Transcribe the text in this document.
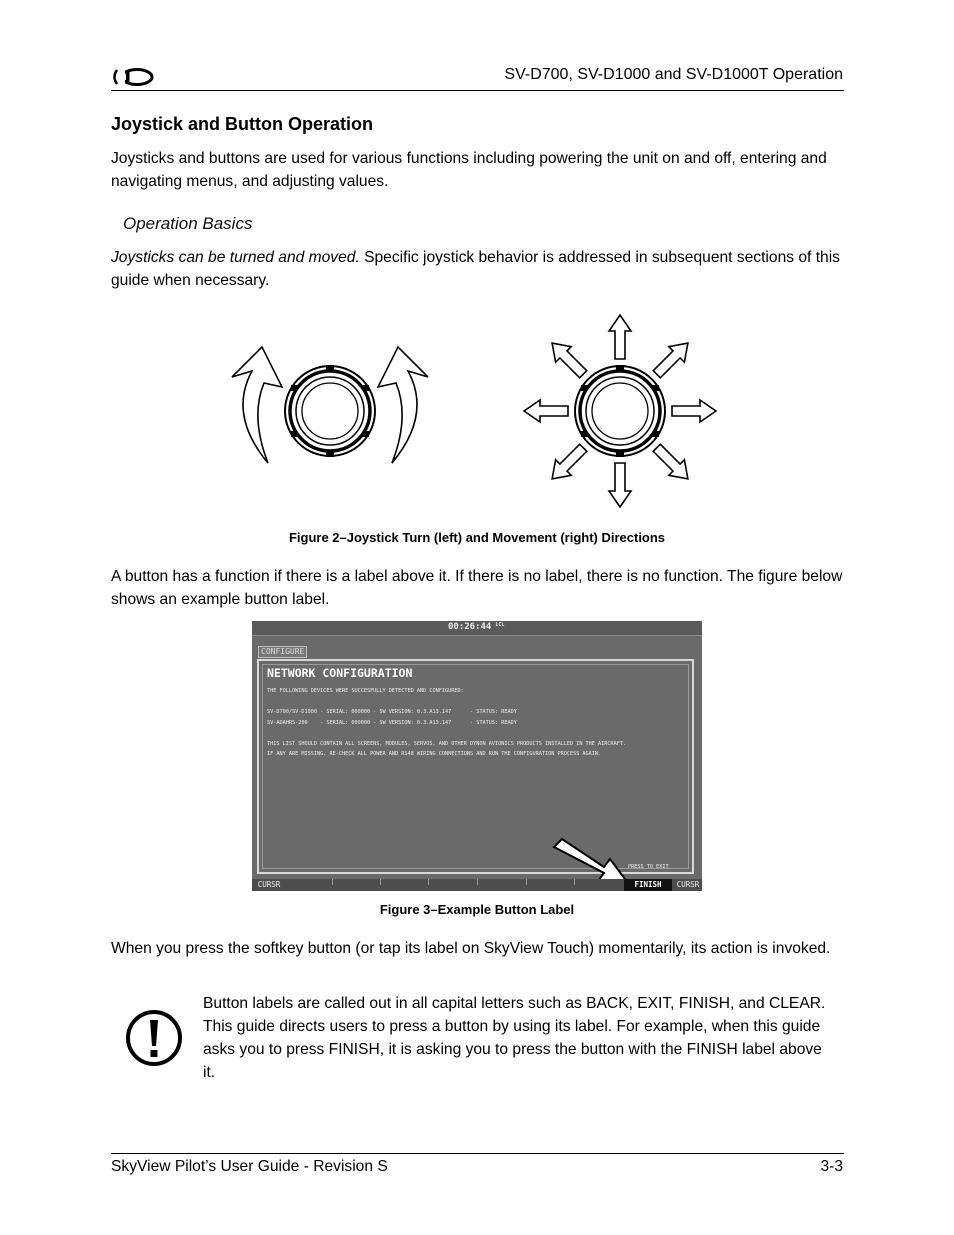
SV-D700, SV-D1000 and SV-D1000T Operation
Joystick and Button Operation
Joysticks and buttons are used for various functions including powering the unit on and off, entering and navigating menus, and adjusting values.
Operation Basics
Joysticks can be turned and moved. Specific joystick behavior is addressed in subsequent sections of this guide when necessary.
Figure 2–Joystick Turn (left) and Movement (right) Directions
A button has a function if there is a label above it. If there is no label, there is no function. The figure below shows an example button label.
00:26:44 $^{LCL}$
CONFIGURE
NETWORK CONFIGURATION
THE FOLLOWING DEVICES WERE SUCCESFULLY DETECTED AND CONFIGURED:
SV-D700/SV-D1000 - SERIAL: 000000 - SW VERSION: 0.3.A13.147      - STATUS: READY
SV-ADAHRS-200    - SERIAL: 000000 - SW VERSION: 0.3.A13.147      - STATUS: READY
THIS LIST SHOULD CONTAIN ALL SCREENS, MODULES, SERVOS, AND OTHER DYNON AVIONICS PRODUCTS INSTALLED IN THE AIRCRAFT.
IF ANY ARE MISSING, RE-CHECK ALL POWER AND RS48 WIRING CONNECTIONS AND RUN THE CONFIGURATION PROCESS AGAIN.
PRESS TO EXIT
CURSR	FINISH	CURSR
Figure 3–Example Button Label
When you press the softkey button (or tap its label on SkyView Touch) momentarily, its action is invoked.
Button labels are called out in all capital letters such as BACK, EXIT, FINISH, and CLEAR. This guide directs users to press a button by using its label. For example, when this guide asks you to press FINISH, it is asking you to press the button with the FINISH label above it.
SkyView Pilot’s User Guide - Revision S	3-3
